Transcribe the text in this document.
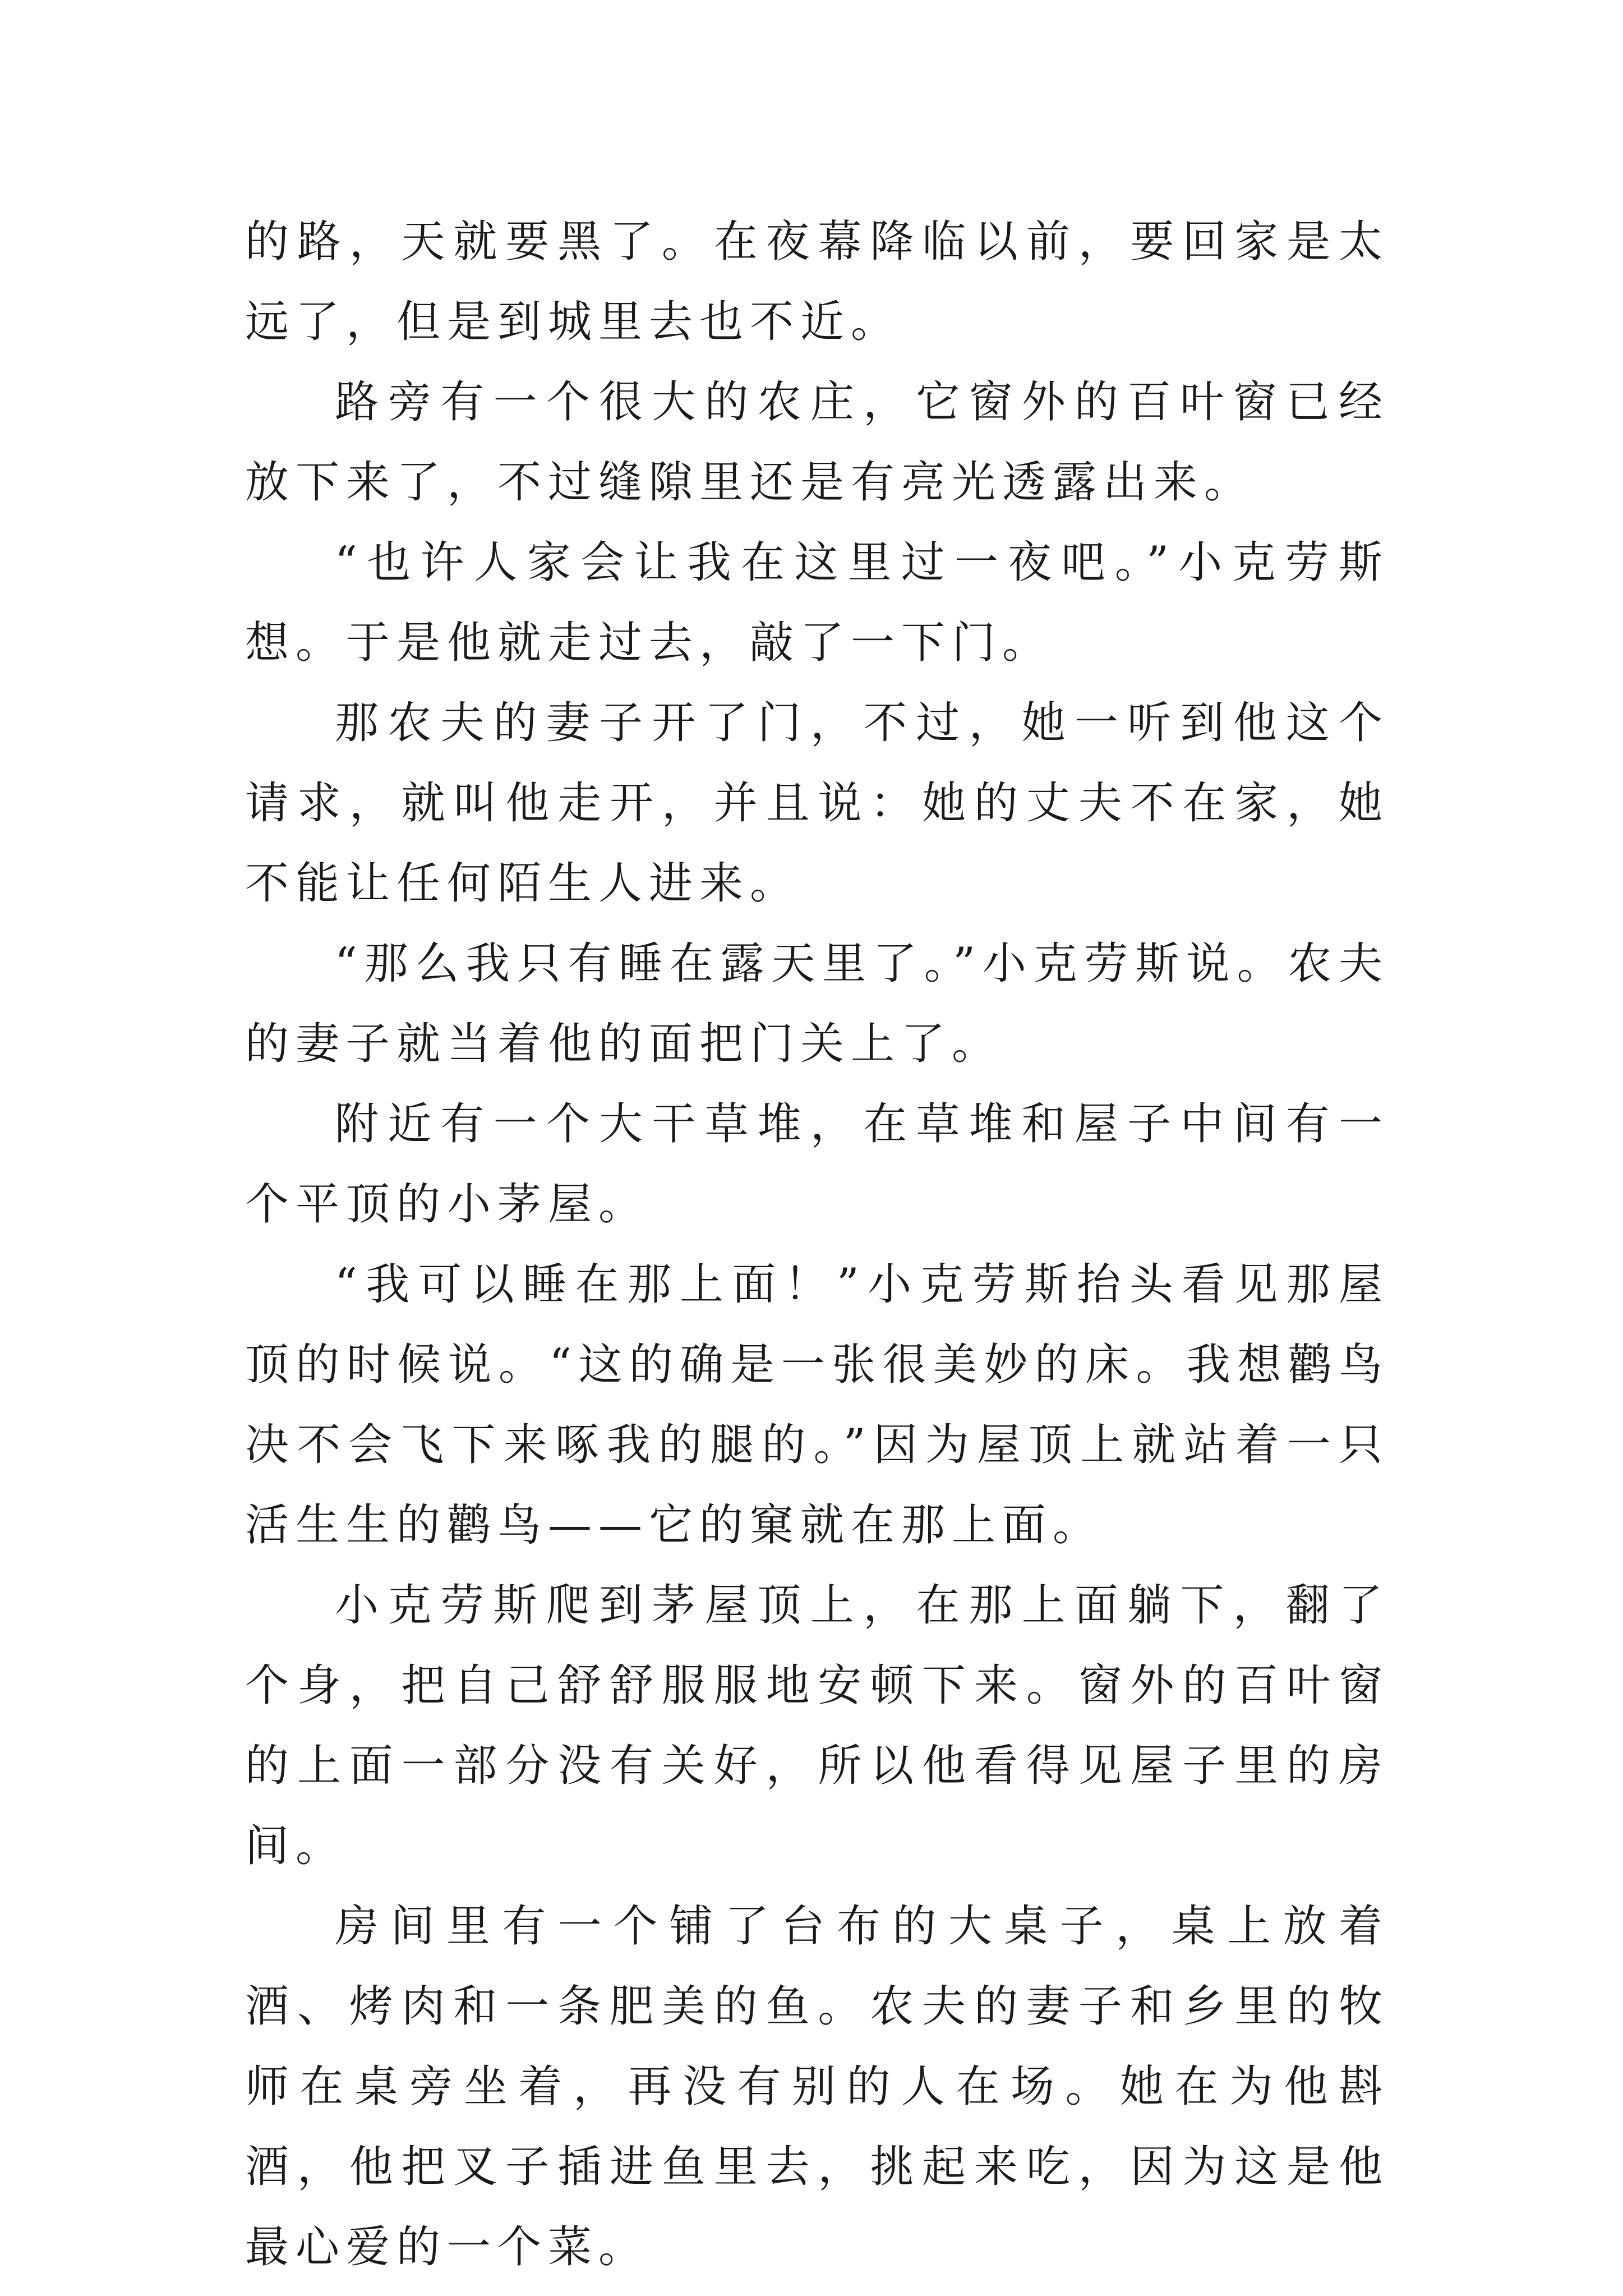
的路，天就要黑了。在夜幕降临以前，要回家是太远了，但是到城里去也不近。

路旁有一个很大的农庄，它窗外的百叶窗已经放下来了，不过缝隙里还是有亮光透露出来。

“也许人家会让我在这里过一夜吧。”小克劳斯想。于是他就走过去，敲了一下门。

那农夫的妻子开了门，不过，她一听到他这个请求，就叫他走开，并且说：她的丈夫不在家，她不能让任何陌生人进来。

“那么我只有睡在露天里了。”小克劳斯说。农夫的妻子就当着他的面把门关上了。

附近有一个大干草堆，在草堆和屋子中间有一个平顶的小茅屋。

“我可以睡在那上面！”小克劳斯抬头看见那屋顶的时候说。“这的确是一张很美妙的床。我想鹳鸟决不会飞下来啄我的腿的。”因为屋顶上就站着一只活生生的鹳鸟——它的窠就在那上面。

小克劳斯爬到茅屋顶上，在那上面躺下，翻了个身，把自己舒舒服服地安顿下来。窗外的百叶窗的上面一部分没有关好，所以他看得见屋子里的房间。

房间里有一个铺了台布的大桌子，桌上放着酒、烤肉和一条肥美的鱼。农夫的妻子和乡里的牧师在桌旁坐着，再没有别的人在场。她在为他斟酒，他把叉子插进鱼里去，挑起来吃，因为这是他最心爱的一个菜。
